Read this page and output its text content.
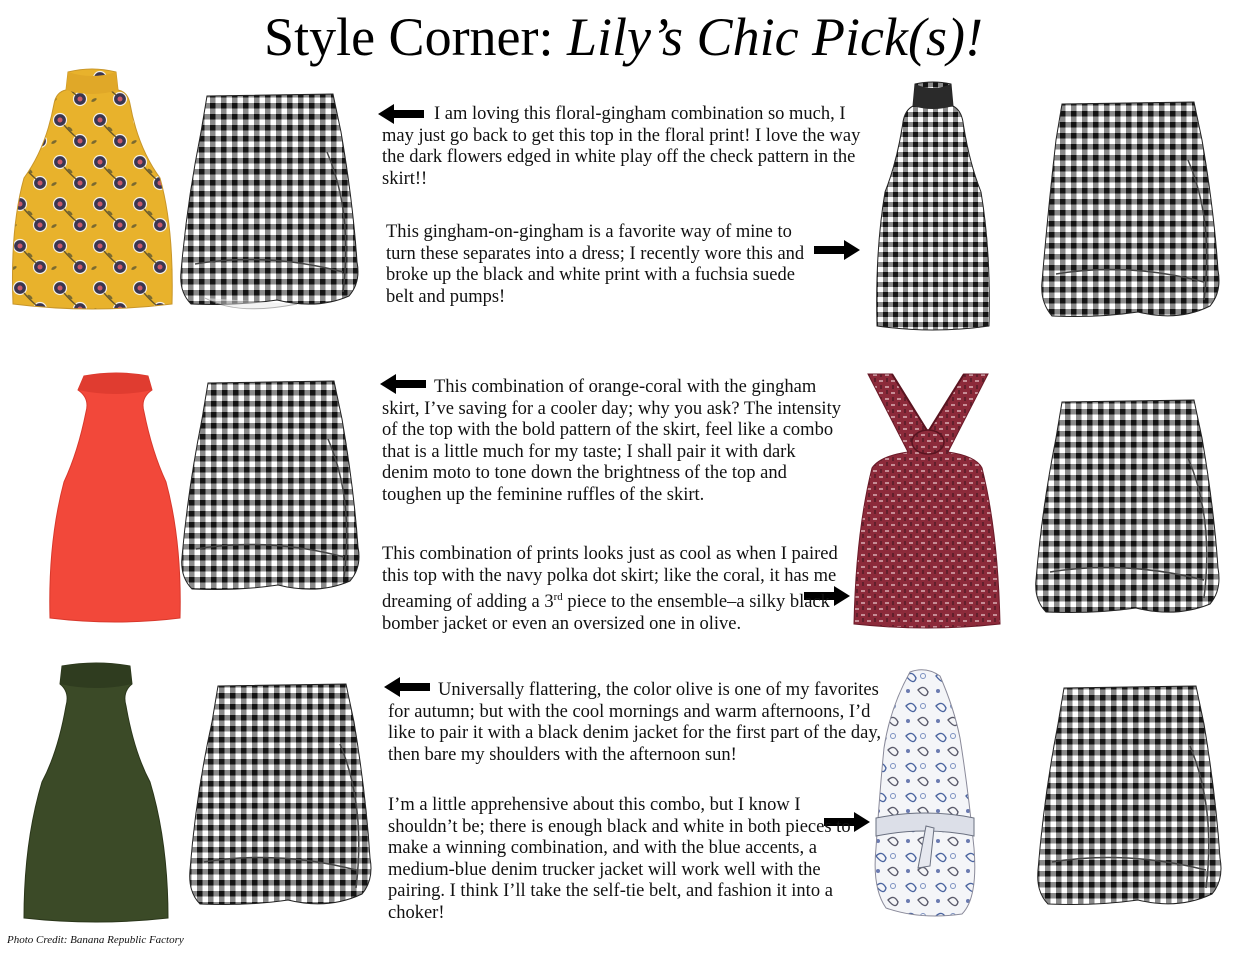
Style Corner: Lily’s Chic Pick(s)!

I am loving this floral-gingham combination so much, I may just go back to get this top in the floral print! I love the way the dark flowers edged in white play off the check pattern in the skirt!!

This gingham-on-gingham is a favorite way of mine to turn these separates into a dress; I recently wore this and broke up the black and white print with a fuchsia suede belt and pumps!

This combination of orange-coral with the gingham skirt, I’ve saving for a cooler day; why you ask? The intensity of the top with the bold pattern of the skirt, feel like a combo that is a little much for my taste; I shall pair it with dark denim moto to tone down the brightness of the top and toughen up the feminine ruffles of the skirt.

This combination of prints looks just as cool as when I paired this top with the navy polka dot skirt; like the coral, it has me dreaming of adding a 3rd piece to the ensemble–a silky black bomber jacket or even an oversized one in olive.

Universally flattering, the color olive is one of my favorites for autumn; but with the cool mornings and warm afternoons, I’d like to pair it with a black denim jacket for the first part of the day, then bare my shoulders with the afternoon sun!

I’m a little apprehensive about this combo, but I know I shouldn’t be; there is enough black and white in both pieces to make a winning combination, and with the blue accents, a medium-blue denim trucker jacket will work well with the pairing. I think I’ll take the self-tie belt, and fashion it into a choker!

Photo Credit: Banana Republic Factory
